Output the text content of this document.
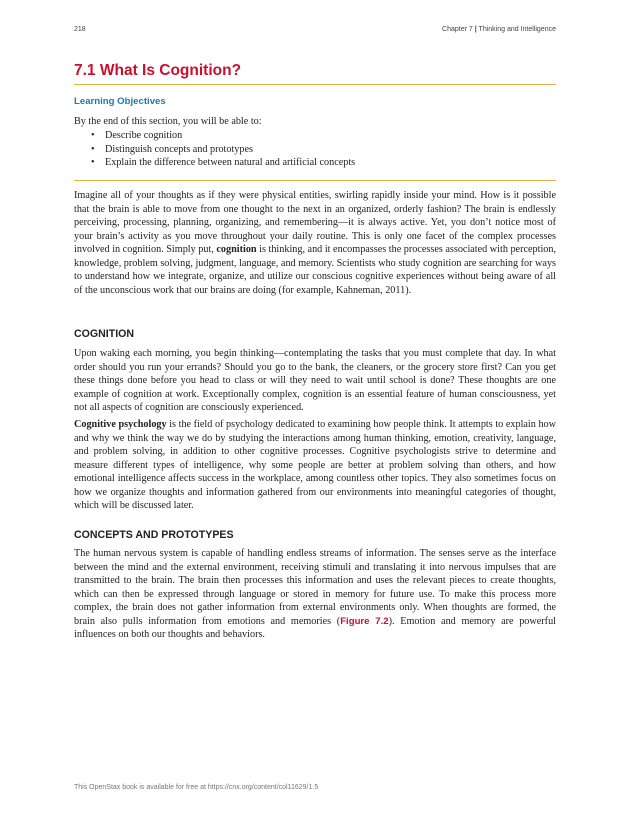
218	Chapter 7 | Thinking and Intelligence
7.1 What Is Cognition?
Learning Objectives
By the end of this section, you will be able to:
• Describe cognition
• Distinguish concepts and prototypes
• Explain the difference between natural and artificial concepts

Imagine all of your thoughts as if they were physical entities, swirling rapidly inside your mind. How is it possible that the brain is able to move from one thought to the next in an organized, orderly fashion? The brain is endlessly perceiving, processing, planning, organizing, and remembering—it is always active. Yet, you don’t notice most of your brain’s activity as you move throughout your daily routine. This is only one facet of the complex processes involved in cognition. Simply put, cognition is thinking, and it encompasses the processes associated with perception, knowledge, problem solving, judgment, language, and memory. Scientists who study cognition are searching for ways to understand how we integrate, organize, and utilize our conscious cognitive experiences without being aware of all of the unconscious work that our brains are doing (for example, Kahneman, 2011).

COGNITION

Upon waking each morning, you begin thinking—contemplating the tasks that you must complete that day. In what order should you run your errands? Should you go to the bank, the cleaners, or the grocery store first? Can you get these things done before you head to class or will they need to wait until school is done? These thoughts are one example of cognition at work. Exceptionally complex, cognition is an essential feature of human consciousness, yet not all aspects of cognition are consciously experienced.

Cognitive psychology is the field of psychology dedicated to examining how people think. It attempts to explain how and why we think the way we do by studying the interactions among human thinking, emotion, creativity, language, and problem solving, in addition to other cognitive processes. Cognitive psychologists strive to determine and measure different types of intelligence, why some people are better at problem solving than others, and how emotional intelligence affects success in the workplace, among countless other topics. They also sometimes focus on how we organize thoughts and information gathered from our environments into meaningful categories of thought, which will be discussed later.

CONCEPTS AND PROTOTYPES

The human nervous system is capable of handling endless streams of information. The senses serve as the interface between the mind and the external environment, receiving stimuli and translating it into nervous impulses that are transmitted to the brain. The brain then processes this information and uses the relevant pieces to create thoughts, which can then be expressed through language or stored in memory for future use. To make this process more complex, the brain does not gather information from external environments only. When thoughts are formed, the brain also pulls information from emotions and memories (Figure 7.2). Emotion and memory are powerful influences on both our thoughts and behaviors.

This OpenStax book is available for free at https://cnx.org/content/col11629/1.5
